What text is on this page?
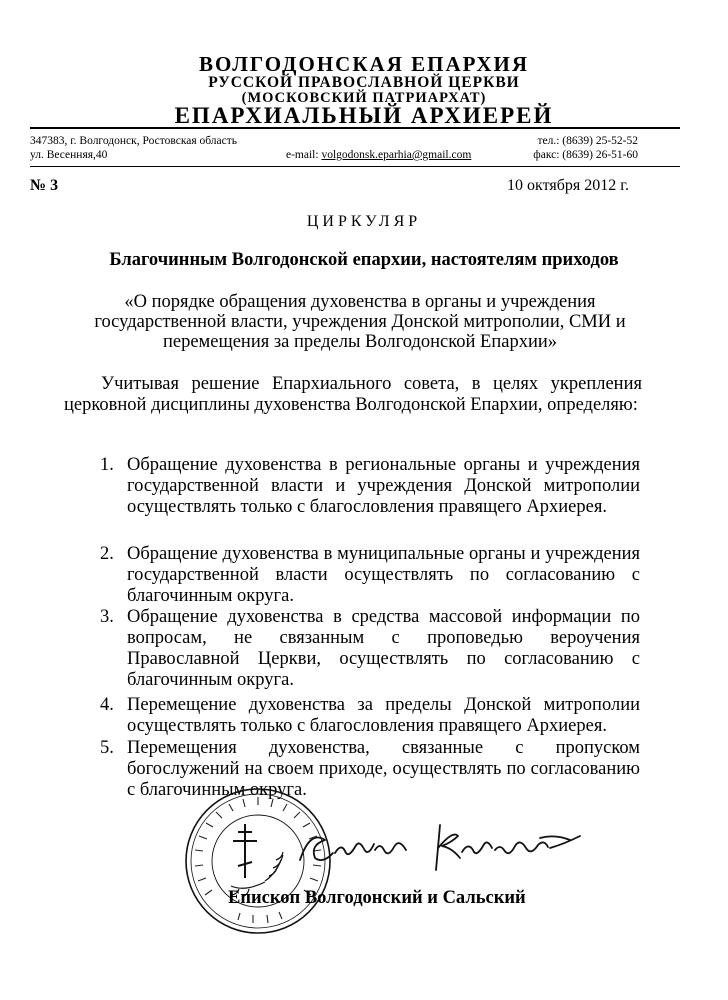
ВОЛГОДОНСКАЯ ЕПАРХИЯ
РУССКОЙ ПРАВОСЛАВНОЙ ЦЕРКВИ
(МОСКОВСКИЙ ПАТРИАРХАТ)
ЕПАРХИАЛЬНЫЙ АРХИЕРЕЙ
347383, г. Волгодонск, Ростовская область
ул. Весенняя,40	e-mail: volgodonsk.eparhia@gmail.com
тел.: (8639) 25-52-52
факс: (8639) 26-51-60
№ 3	10 октября 2012 г.
ЦИРКУЛЯР
Благочинным Волгодонской епархии, настоятелям приходов
«О порядке обращения духовенства в органы и учреждения государственной власти, учреждения Донской митрополии, СМИ и перемещения за пределы Волгодонской Епархии»
Учитывая решение Епархиального совета, в целях укрепления церковной дисциплины духовенства Волгодонской Епархии, определяю:
1. Обращение духовенства в региональные органы и учреждения государственной власти и учреждения Донской митрополии осуществлять только с благословления правящего Архиерея.
2. Обращение духовенства в муниципальные органы и учреждения государственной власти осуществлять по согласованию с благочинным округа.
3. Обращение духовенства в средства массовой информации по вопросам, не связанным с проповедью вероучения Православной Церкви, осуществлять по согласованию с благочинным округа.
4. Перемещение духовенства за пределы Донской митрополии осуществлять только с благословления правящего Архиерея.
5. Перемещения духовенства, связанные с пропуском богослужений на своем приходе, осуществлять по согласованию с благочинным округа.
Епископ Волгодонский и Сальский
